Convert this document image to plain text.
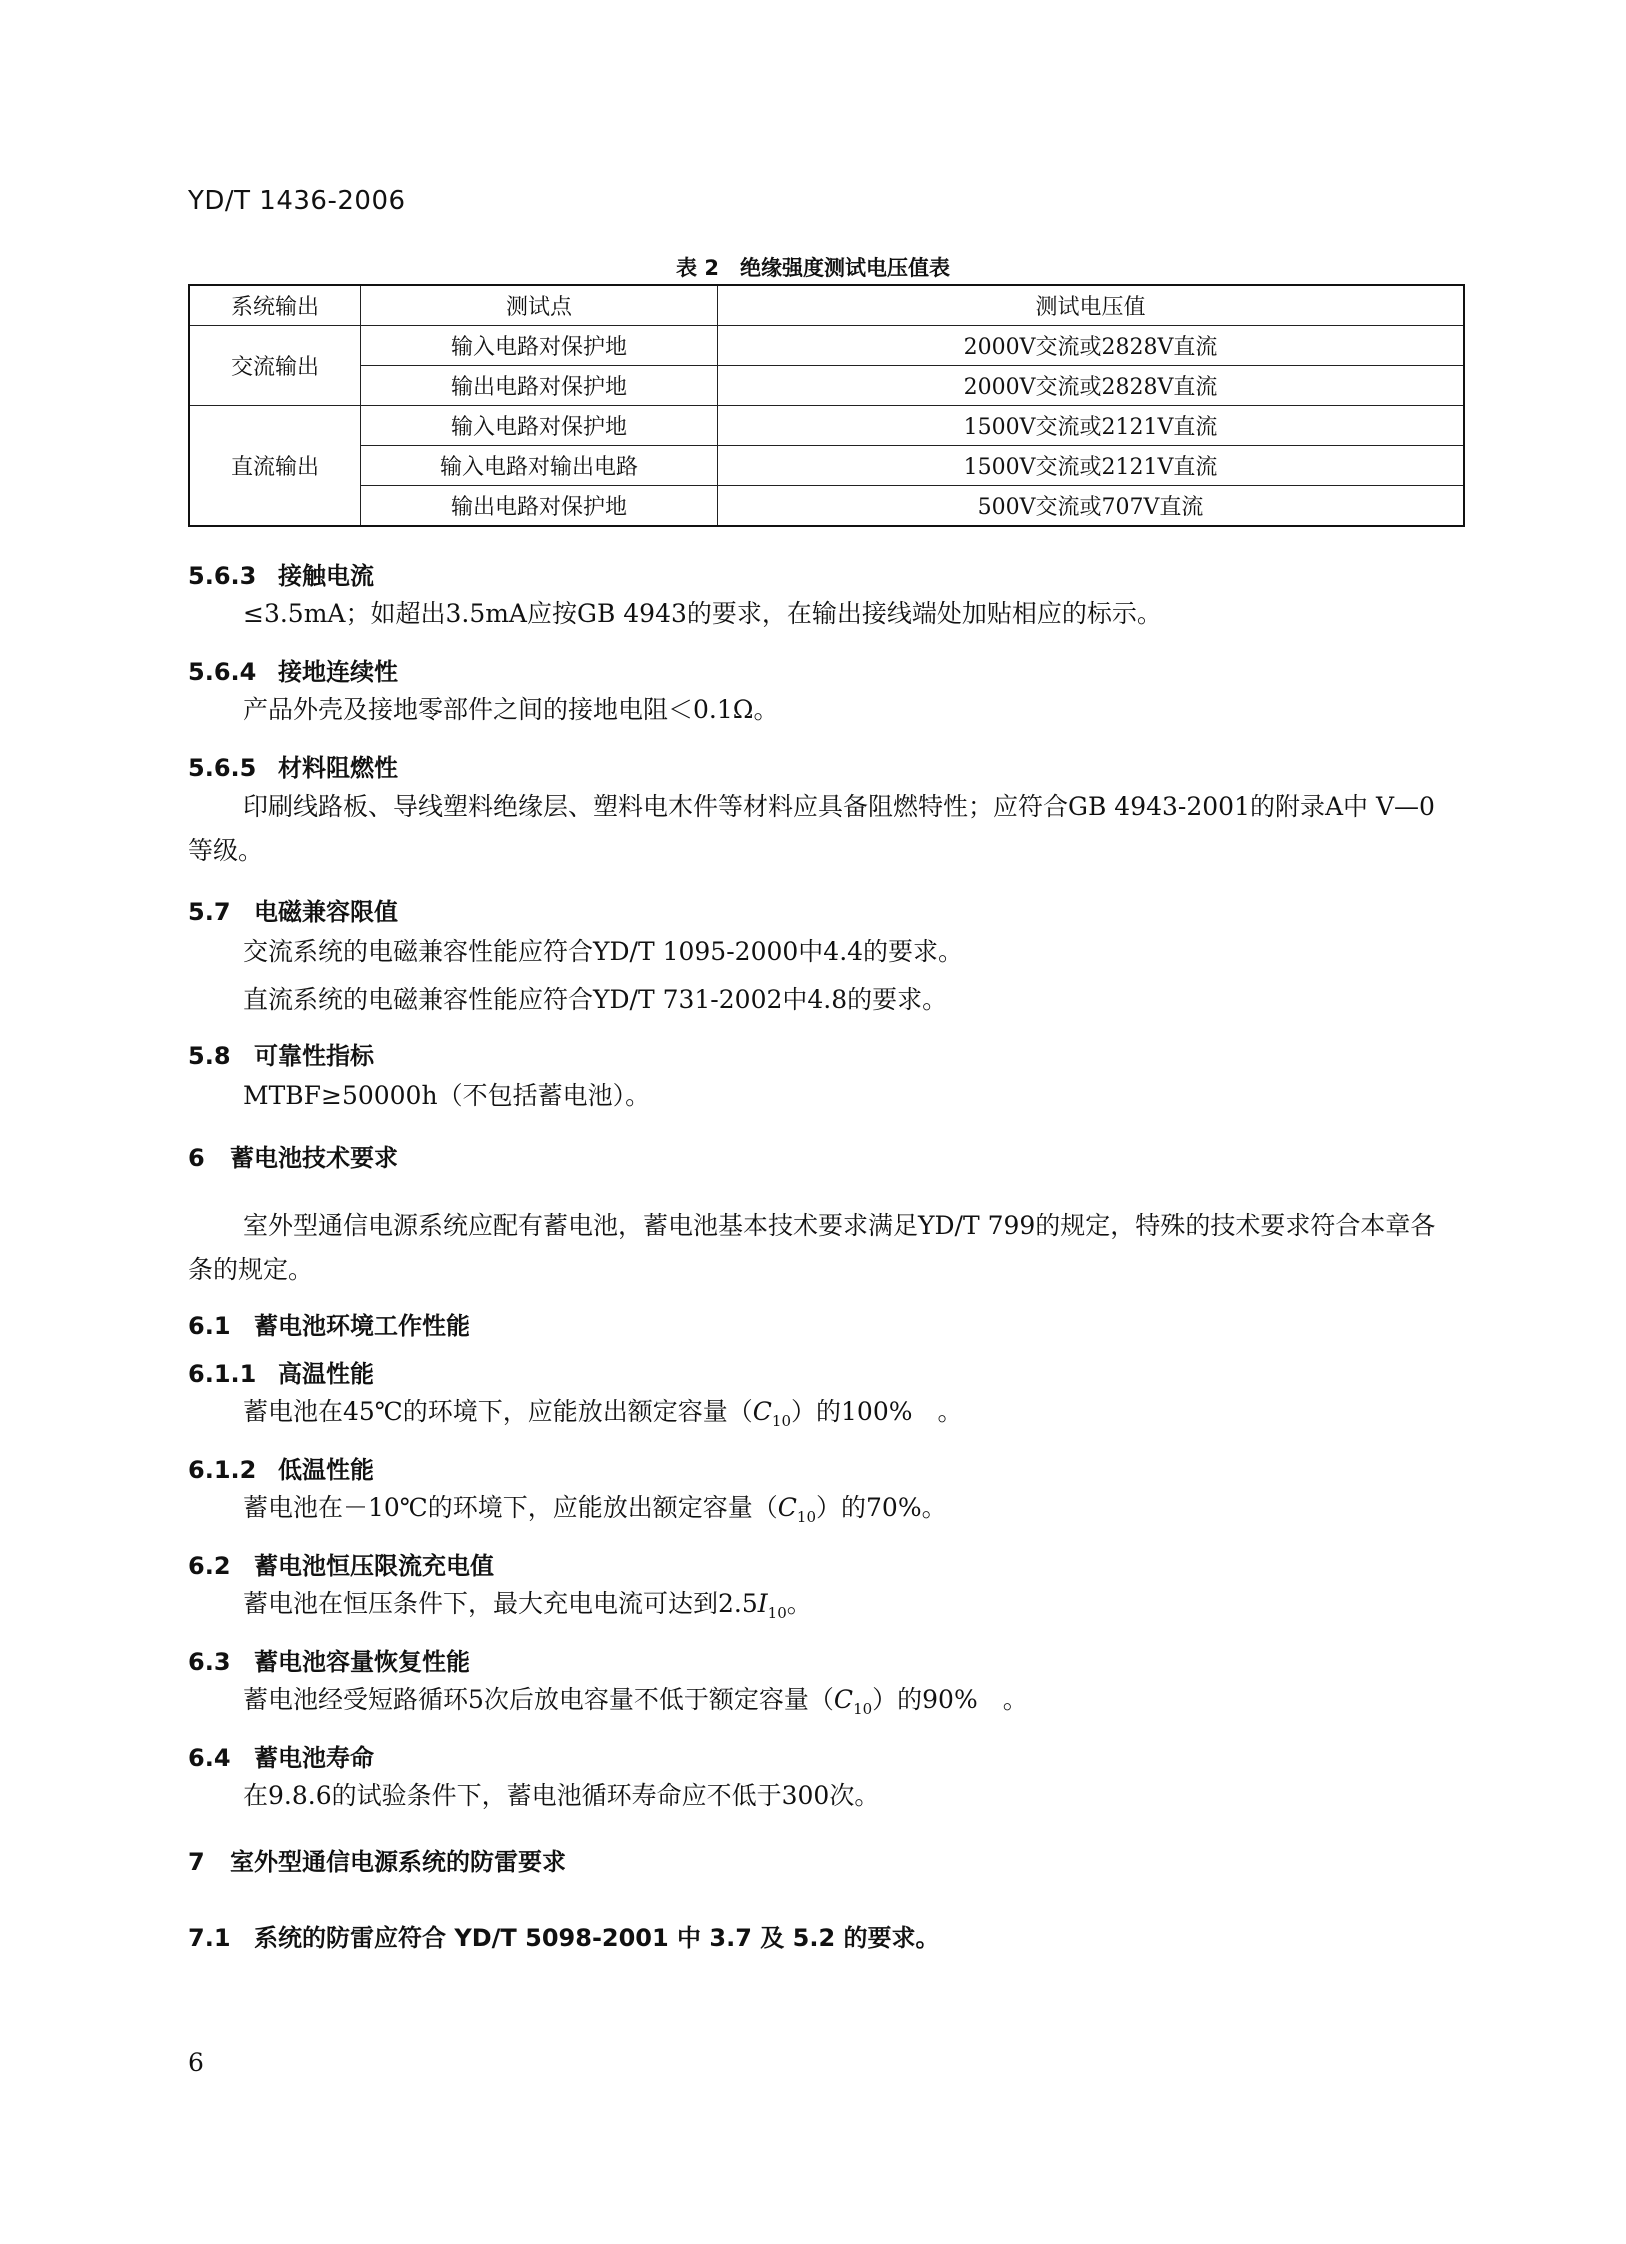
YD/T 1436-2006
表 2　绝缘强度测试电压值表
系统输出	测试点	测试电压值
交流输出	输入电路对保护地	2000V交流或2828V直流
	输出电路对保护地	2000V交流或2828V直流
直流输出	输入电路对保护地	1500V交流或2121V直流
	输入电路对输出电路	1500V交流或2121V直流
	输出电路对保护地	500V交流或707V直流
5.6.3 接触电流
≤3.5mA；如超出3.5mA应按GB 4943的要求，在输出接线端处加贴相应的标示。
5.6.4 接地连续性
产品外壳及接地零部件之间的接地电阻＜0.1Ω。
5.6.5 材料阻燃性
印刷线路板、导线塑料绝缘层、塑料电木件等材料应具备阻燃特性；应符合GB 4943-2001的附录A中 V—0等级。
5.7 电磁兼容限值
交流系统的电磁兼容性能应符合YD/T 1095-2000中4.4的要求。
直流系统的电磁兼容性能应符合YD/T 731-2002中4.8的要求。
5.8 可靠性指标
MTBF≥50000h（不包括蓄电池）。
6 蓄电池技术要求
室外型通信电源系统应配有蓄电池，蓄电池基本技术要求满足YD/T 799的规定，特殊的技术要求符合本章各条的规定。
6.1 蓄电池环境工作性能
6.1.1 高温性能
蓄电池在45℃的环境下，应能放出额定容量$(C_{10})$的100%　。
6.1.2 低温性能
蓄电池在－10℃的环境下，应能放出额定容量$(C_{10})$的70%。
6.2 蓄电池恒压限流充电值
蓄电池在恒压条件下，最大充电电流可达到$2.5I_{10}$。
6.3 蓄电池容量恢复性能
蓄电池经受短路循环5次后放电容量不低于额定容量$(C_{10})$的90%　。
6.4 蓄电池寿命
在9.8.6的试验条件下，蓄电池循环寿命应不低于300次。
7 室外型通信电源系统的防雷要求
7.1 系统的防雷应符合 YD/T 5098-2001 中 3.7 及 5.2 的要求。
6
